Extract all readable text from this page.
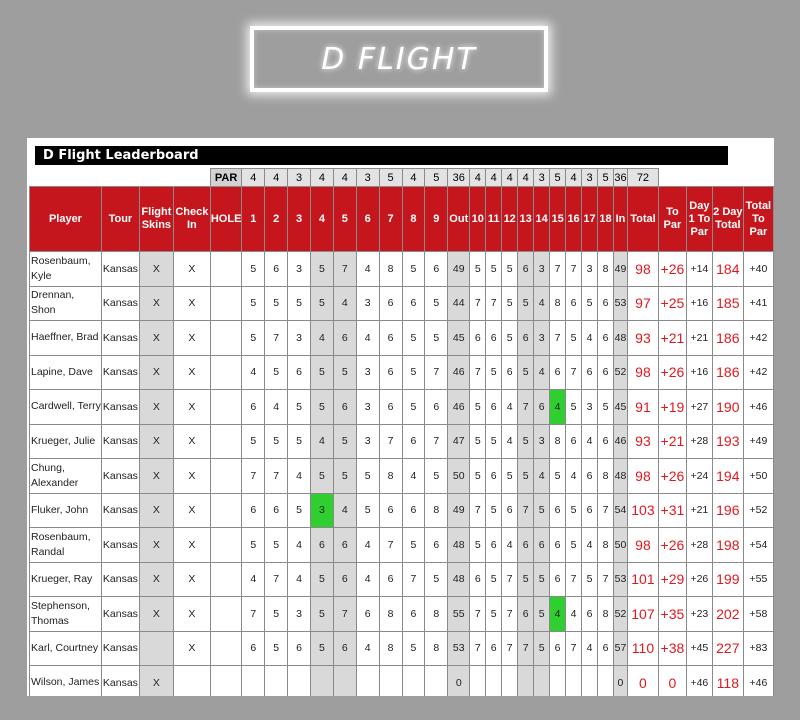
D FLIGHT
D Flight Leaderboard
				PAR	4	4	3	4	4	3	5	4	5	36	4	4	4	4	3	5	4	3	5	36	72				
Player	Tour	Flight Skins	Check In	HOLE	1	2	3	4	5	6	7	8	9	Out	10	11	12	13	14	15	16	17	18	In	Total	To Par	Day 1 To Par	2 Day Total	Total To Par
Rosenbaum, Kyle	Kansas	X	X		5	6	3	5	7	4	8	5	6	49	5	5	5	6	3	7	7	3	8	49	98	+26	+14	184	+40
Drennan, Shon	Kansas	X	X		5	5	5	5	4	3	6	6	5	44	7	7	5	5	4	8	6	5	6	53	97	+25	+16	185	+41
Haeffner, Brad	Kansas	X	X		5	7	3	4	6	4	6	5	5	45	6	6	5	6	3	7	5	4	6	48	93	+21	+21	186	+42
Lapine, Dave	Kansas	X	X		4	5	6	5	5	3	6	5	7	46	7	5	6	5	4	6	7	6	6	52	98	+26	+16	186	+42
Cardwell, Terry	Kansas	X	X		6	4	5	5	6	3	6	5	6	46	5	6	4	7	6	4	5	3	5	45	91	+19	+27	190	+46
Krueger, Julie	Kansas	X	X		5	5	5	4	5	3	7	6	7	47	5	5	4	5	3	8	6	4	6	46	93	+21	+28	193	+49
Chung, Alexander	Kansas	X	X		7	7	4	5	5	5	8	4	5	50	5	6	5	5	4	5	4	6	8	48	98	+26	+24	194	+50
Fluker, John	Kansas	X	X		6	6	5	3	4	5	6	6	8	49	7	5	6	7	5	6	5	6	7	54	103	+31	+21	196	+52
Rosenbaum, Randal	Kansas	X	X		5	5	4	6	6	4	7	5	6	48	5	6	4	6	6	6	5	4	8	50	98	+26	+28	198	+54
Krueger, Ray	Kansas	X	X		4	7	4	5	6	4	6	7	5	48	6	5	7	5	5	6	7	5	7	53	101	+29	+26	199	+55
Stephenson, Thomas	Kansas	X	X		7	5	3	5	7	6	8	6	8	55	7	5	7	6	5	4	4	6	8	52	107	+35	+23	202	+58
Karl, Courtney	Kansas		X		6	5	6	5	6	4	8	5	8	53	7	6	7	7	5	6	7	4	6	57	110	+38	+45	227	+83
Wilson, James	Kansas	X												0										0	0	0	+46	118	+46
